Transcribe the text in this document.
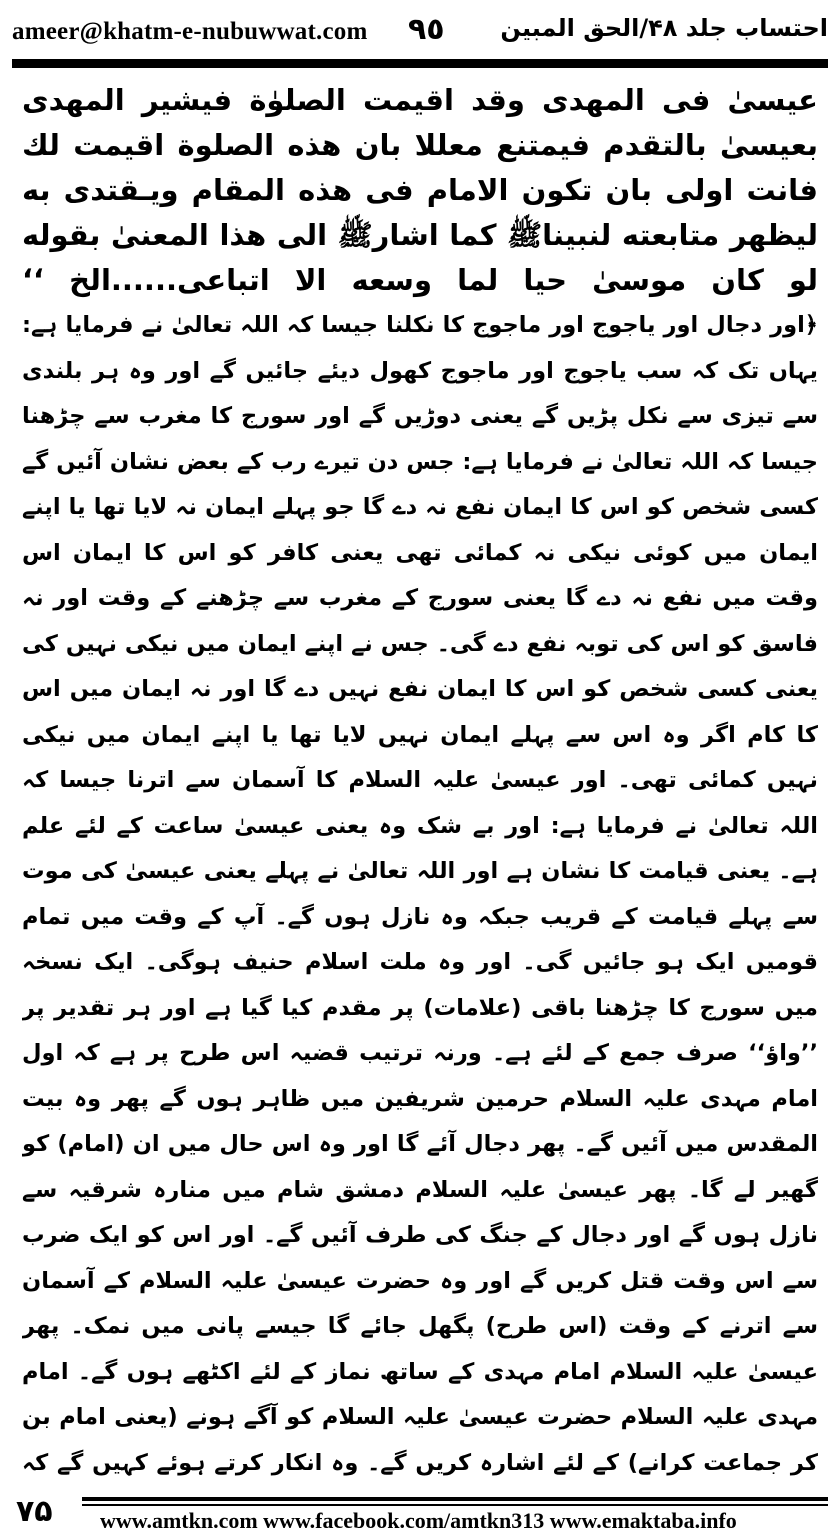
ameer@khatm-e-nubuwwat.com ٩٥ احتساب جلد ۴۸/الحق المبین

عیسیٰ فی المهدی وقد اقیمت الصلوٰة فیشیر المهدی بعیسیٰ بالتقدم فیمتنع معللا بان هذه الصلوة اقیمت لك فانت اولی بان تکون الامام فی هذه المقام ویـقتدی به لیظهر متابعته لنبیناﷺ کما اشارﷺ الی هذا المعنیٰ بقوله لو کان موسیٰ حیا لما وسعه الا اتباعی......الخ ‘‘

﴿اور دجال اور یاجوج اور ماجوج کا نکلنا جیسا کہ اللہ تعالیٰ نے فرمایا ہے: یہاں تک کہ سب یاجوج اور ماجوج کھول دیئے جائیں گے اور وہ ہر بلندی سے تیزی سے نکل پڑیں گے یعنی دوڑیں گے اور سورج کا مغرب سے چڑھنا جیسا کہ اللہ تعالیٰ نے فرمایا ہے: جس دن تیرے رب کے بعض نشان آئیں گے کسی شخص کو اس کا ایمان نفع نہ دے گا جو پہلے ایمان نہ لایا تھا یا اپنے ایمان میں کوئی نیکی نہ کمائی تھی یعنی کافر کو اس کا ایمان اس وقت میں نفع نہ دے گا یعنی سورج کے مغرب سے چڑھنے کے وقت اور نہ فاسق کو اس کی توبہ نفع دے گی۔ جس نے اپنے ایمان میں نیکی نہیں کی یعنی کسی شخص کو اس کا ایمان نفع نہیں دے گا اور نہ ایمان میں اس کا کام اگر وہ اس سے پہلے ایمان نہیں لایا تھا یا اپنے ایمان میں نیکی نہیں کمائی تھی۔ اور عیسیٰ علیہ السلام کا آسمان سے اترنا جیسا کہ اللہ تعالیٰ نے فرمایا ہے: اور بے شک وہ یعنی عیسیٰ ساعت کے لئے علم ہے۔ یعنی قیامت کا نشان ہے اور اللہ تعالیٰ نے پہلے یعنی عیسیٰ کی موت سے پہلے قیامت کے قریب جبکہ وہ نازل ہوں گے۔ آپ کے وقت میں تمام قومیں ایک ہو جائیں گی۔ اور وہ ملت اسلام حنیف ہوگی۔ ایک نسخہ میں سورج کا چڑھنا باقی (علامات) پر مقدم کیا گیا ہے اور ہر تقدیر پر ’’واؤ‘‘ صرف جمع کے لئے ہے۔ ورنہ ترتیب قضیہ اس طرح پر ہے کہ اول امام مہدی علیہ السلام حرمین شریفین میں ظاہر ہوں گے پھر وہ بیت المقدس میں آئیں گے۔ پھر دجال آئے گا اور وہ اس حال میں ان (امام) کو گھیر لے گا۔ پھر عیسیٰ علیہ السلام دمشق شام میں منارہ شرقیہ سے نازل ہوں گے اور دجال کے جنگ کی طرف آئیں گے۔ اور اس کو ایک ضرب سے اس وقت قتل کریں گے اور وہ حضرت عیسیٰ علیہ السلام کے آسمان سے اترنے کے وقت (اس طرح) پگھل جائے گا جیسے پانی میں نمک۔ پھر عیسیٰ علیہ السلام امام مہدی کے ساتھ نماز کے لئے اکٹھے ہوں گے۔ امام مہدی علیہ السلام حضرت عیسیٰ علیہ السلام کو آگے ہونے (یعنی امام بن کر جماعت کرانے) کے لئے اشارہ کریں گے۔ وہ انکار کرتے ہوئے کہیں گے کہ

۷۵ www.amtkn.com www.facebook.com/amtkn313 www.emaktaba.info
